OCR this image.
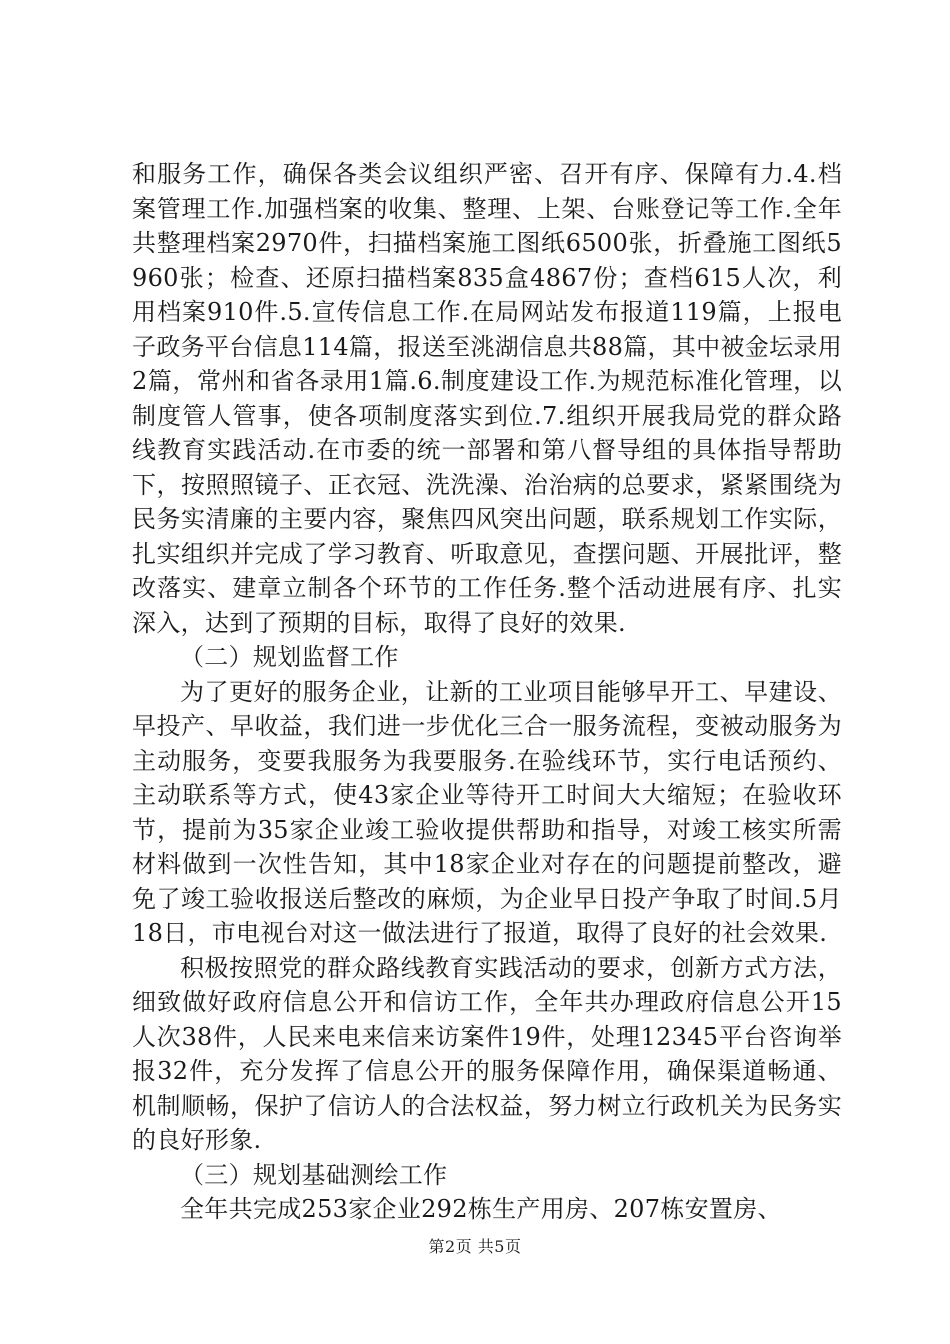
和服务工作，确保各类会议组织严密、召开有序、保障有力.4.档案管理工作.加强档案的收集、整理、上架、台账登记等工作.全年共整理档案2970件，扫描档案施工图纸6500张，折叠施工图纸5960张；检查、还原扫描档案835盒4867份；查档615人次，利用档案910件.5.宣传信息工作.在局网站发布报道119篇，上报电子政务平台信息114篇，报送至洮湖信息共88篇，其中被金坛录用2篇，常州和省各录用1篇.6.制度建设工作.为规范标准化管理，以制度管人管事，使各项制度落实到位.7.组织开展我局党的群众路线教育实践活动.在市委的统一部署和第八督导组的具体指导帮助下，按照照镜子、正衣冠、洗洗澡、治治病的总要求，紧紧围绕为民务实清廉的主要内容，聚焦四风突出问题，联系规划工作实际，扎实组织并完成了学习教育、听取意见，查摆问题、开展批评，整改落实、建章立制各个环节的工作任务.整个活动进展有序、扎实深入，达到了预期的目标，取得了良好的效果.

（二）规划监督工作

为了更好的服务企业，让新的工业项目能够早开工、早建设、早投产、早收益，我们进一步优化三合一服务流程，变被动服务为主动服务，变要我服务为我要服务.在验线环节，实行电话预约、主动联系等方式，使43家企业等待开工时间大大缩短；在验收环节，提前为35家企业竣工验收提供帮助和指导，对竣工核实所需材料做到一次性告知，其中18家企业对存在的问题提前整改，避免了竣工验收报送后整改的麻烦，为企业早日投产争取了时间.5月18日，市电视台对这一做法进行了报道，取得了良好的社会效果.

积极按照党的群众路线教育实践活动的要求，创新方式方法，细致做好政府信息公开和信访工作，全年共办理政府信息公开15人次38件，人民来电来信来访案件19件，处理12345平台咨询举报32件，充分发挥了信息公开的服务保障作用，确保渠道畅通、机制顺畅，保护了信访人的合法权益，努力树立行政机关为民务实的良好形象.

（三）规划基础测绘工作

全年共完成253家企业292栋生产用房、207栋安置房、

第2页 共5页
